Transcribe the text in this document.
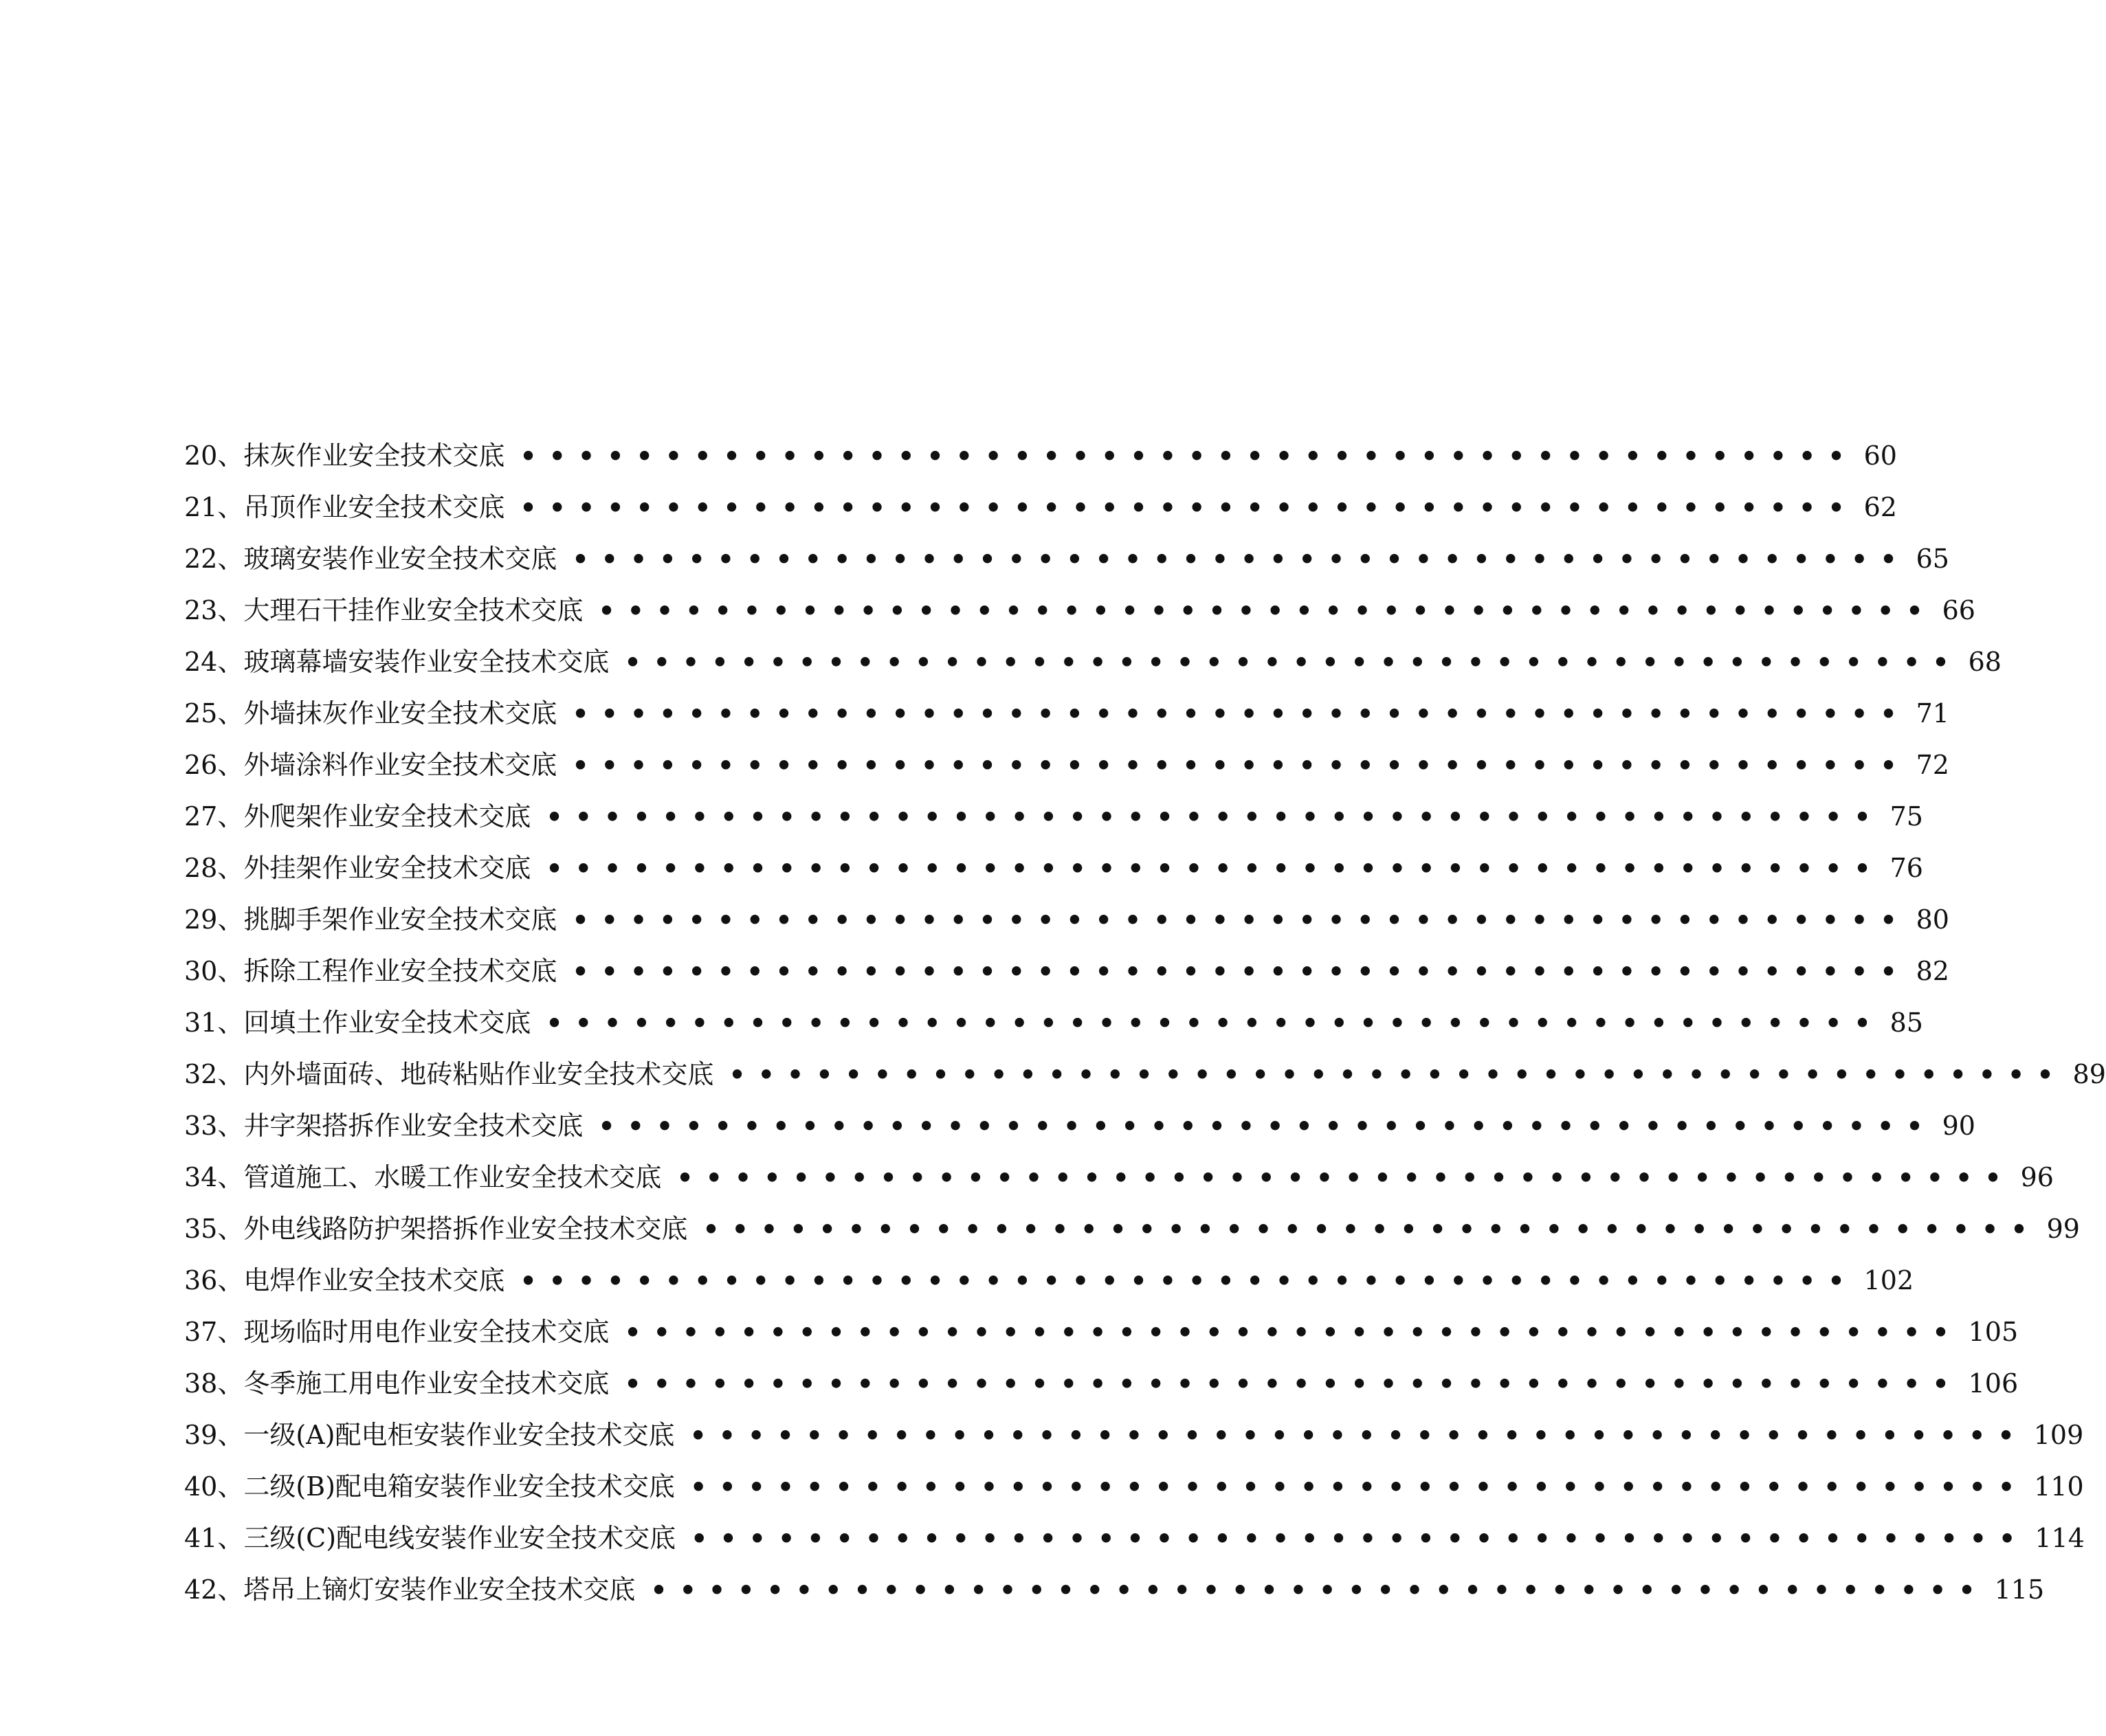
20、抹灰作业安全技术交底 •••••••••••••••••••••••••••••••••••••••••••••• 60
21、吊顶作业安全技术交底 •••••••••••••••••••••••••••••••••••••••••••••• 62
22、玻璃安装作业安全技术交底 •••••••••••••••••••••••••••••••••••••••••••••• 65
23、大理石干挂作业安全技术交底 •••••••••••••••••••••••••••••••••••••••••••••• 66
24、玻璃幕墙安装作业安全技术交底 •••••••••••••••••••••••••••••••••••••••••••••• 68
25、外墙抹灰作业安全技术交底 •••••••••••••••••••••••••••••••••••••••••••••• 71
26、外墙涂料作业安全技术交底 •••••••••••••••••••••••••••••••••••••••••••••• 72
27、外爬架作业安全技术交底 •••••••••••••••••••••••••••••••••••••••••••••• 75
28、外挂架作业安全技术交底 •••••••••••••••••••••••••••••••••••••••••••••• 76
29、挑脚手架作业安全技术交底 •••••••••••••••••••••••••••••••••••••••••••••• 80
30、拆除工程作业安全技术交底 •••••••••••••••••••••••••••••••••••••••••••••• 82
31、回填土作业安全技术交底 •••••••••••••••••••••••••••••••••••••••••••••• 85
32、内外墙面砖、地砖粘贴作业安全技术交底 •••••••••••••••••••••••••••••••••••••••••••••• 89
33、井字架搭拆作业安全技术交底 •••••••••••••••••••••••••••••••••••••••••••••• 90
34、管道施工、水暖工作业安全技术交底 •••••••••••••••••••••••••••••••••••••••••••••• 96
35、外电线路防护架搭拆作业安全技术交底 •••••••••••••••••••••••••••••••••••••••••••••• 99
36、电焊作业安全技术交底 •••••••••••••••••••••••••••••••••••••••••••••• 102
37、现场临时用电作业安全技术交底 •••••••••••••••••••••••••••••••••••••••••••••• 105
38、冬季施工用电作业安全技术交底 •••••••••••••••••••••••••••••••••••••••••••••• 106
39、一级(A)配电柜安装作业安全技术交底 •••••••••••••••••••••••••••••••••••••••••••••• 109
40、二级(B)配电箱安装作业安全技术交底 •••••••••••••••••••••••••••••••••••••••••••••• 110
41、三级(C)配电线安装作业安全技术交底 •••••••••••••••••••••••••••••••••••••••••••••• 114
42、塔吊上镝灯安装作业安全技术交底 •••••••••••••••••••••••••••••••••••••••••••••• 115
